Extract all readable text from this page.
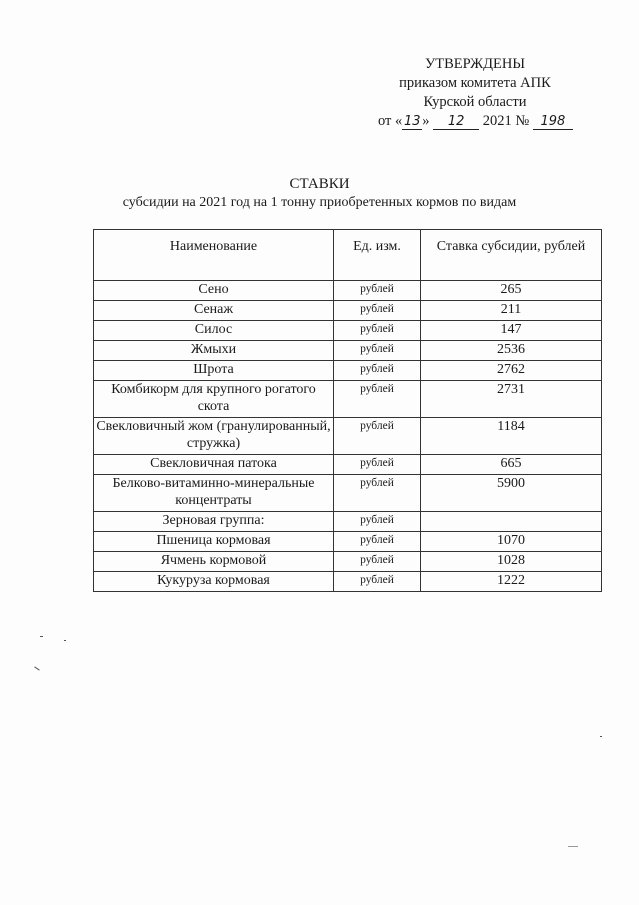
УТВЕРЖДЕНЫ
приказом комитета АПК
Курской области
от « 13 » 12 2021 № 198
СТАВКИ
субсидии на 2021 год на 1 тонну приобретенных кормов по видам
Наименование	Ед. изм.	Ставка субсидии, рублей
Сено	рублей	265
Сенаж	рублей	211
Силос	рублей	147
Жмыхи	рублей	2536
Шрота	рублей	2762
Комбикорм для крупного рогатого скота	рублей	2731
Свекловичный жом (гранулированный, стружка)	рублей	1184
Свекловичная патока	рублей	665
Белково-витаминно-минеральные концентраты	рублей	5900
Зерновая группа:	рублей	
Пшеница кормовая	рублей	1070
Ячмень кормовой	рублей	1028
Кукуруза кормовая	рублей	1222
